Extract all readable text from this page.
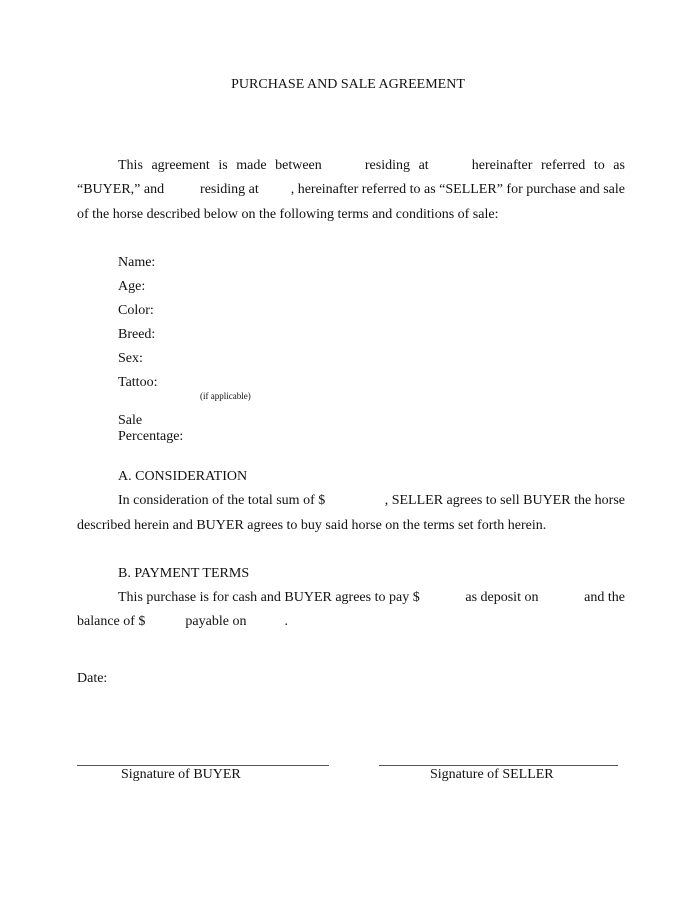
PURCHASE AND SALE AGREEMENT
This agreement is made between	residing at	hereinafter referred to as
“BUYER,” and	residing at , hereinafter referred to as “SELLER” for purchase and sale
of the horse described below on the following terms and conditions of sale:
Name:
Age:
Color:
Breed:
Sex:
Tattoo:
(if applicable)
Sale
Percentage:
A. CONSIDERATION
In consideration of the total sum of $	, SELLER agrees to sell BUYER the horse
described herein and BUYER agrees to buy said horse on the terms set forth herein.
B. PAYMENT TERMS
This purchase is for cash and BUYER agrees to pay $	as deposit on	and the
balance of $	payable on	.
Date:
Signature of BUYER	Signature of SELLER
